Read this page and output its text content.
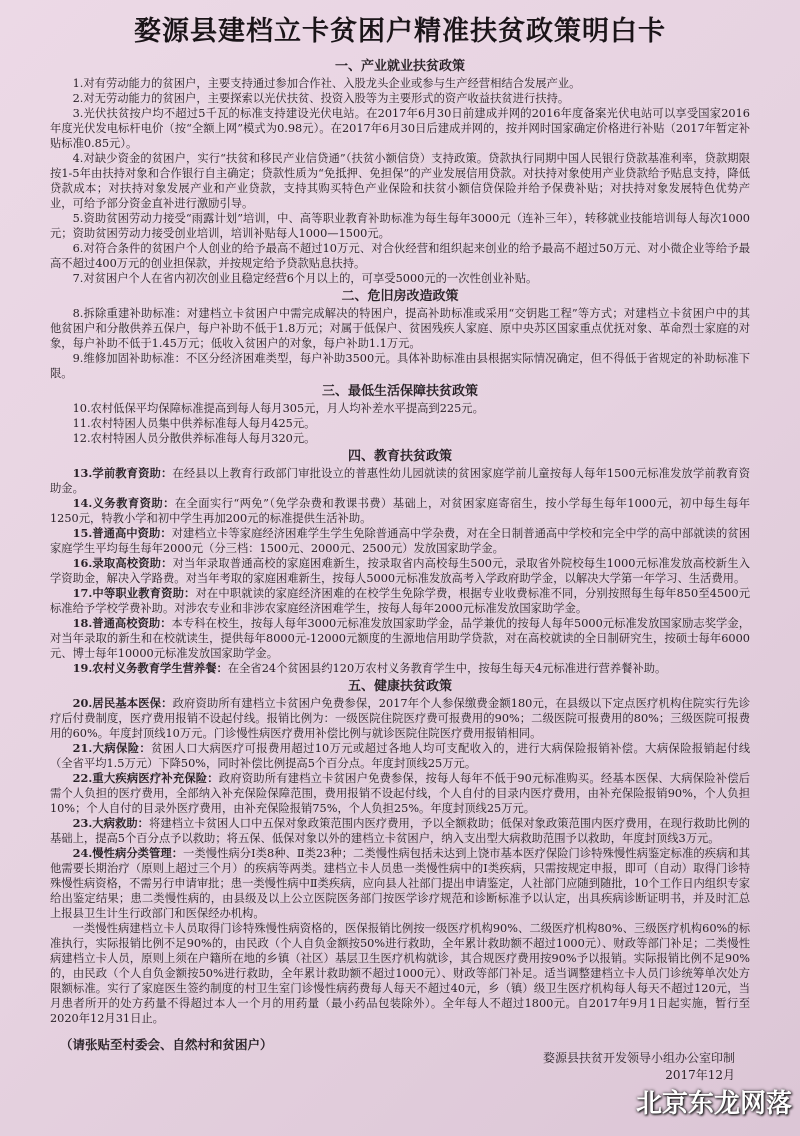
婺源县建档立卡贫困户精准扶贫政策明白卡
一、产业就业扶贫政策

1.对有劳动能力的贫困户，主要支持通过参加合作社、入股龙头企业或参与生产经营相结合发展产业。

2.对无劳动能力的贫困户，主要探索以光伏扶贫、投资入股等为主要形式的资产收益扶贫进行扶持。

3.光伏扶贫按户均不超过5千瓦的标准支持建设光伏电站。在2017年6月30日前建成并网的2016年度备案光伏电站可以享受国家2016年度光伏发电标杆电价（按“全额上网”模式为0.98元）。在2017年6月30日后建成并网的，按并网时国家确定价格进行补贴（2017年暂定补贴标准0.85元）。

4.对缺少资金的贫困户，实行“扶贫和移民产业信贷通”（扶贫小额信贷）支持政策。贷款执行同期中国人民银行贷款基准利率，贷款期限按1-5年由扶持对象和合作银行自主确定；贷款性质为“免抵押、免担保”的产业发展信用贷款。对扶持对象使用产业贷款给予贴息支持，降低贷款成本；对扶持对象发展产业和产业贷款，支持其购买特色产业保险和扶贫小额信贷保险并给予保费补贴；对扶持对象发展特色优势产业，可给予部分资金直补进行激励引导。

5.资助贫困劳动力接受“雨露计划”培训，中、高等职业教育补助标准为每生每年3000元（连补三年），转移就业技能培训每人每次1000元；资助贫困劳动力接受创业培训，培训补贴每人1000—1500元。

6.对符合条件的贫困户个人创业的给予最高不超过10万元、对合伙经营和组织起来创业的给予最高不超过50万元、对小微企业等给予最高不超过400万元的创业担保款，并按规定给予贷款贴息扶持。

7.对贫困户个人在省内初次创业且稳定经营6个月以上的，可享受5000元的一次性创业补贴。

二、危旧房改造政策

8.拆除重建补助标准：对建档立卡贫困户中需完成解决的特困户，提高补助标准或采用“交钥匙工程”等方式；对建档立卡贫困户中的其他贫困户和分散供养五保户，每户补助不低于1.8万元；对属于低保户、贫困残疾人家庭、原中央苏区国家重点优抚对象、革命烈士家庭的对象，每户补助不低于1.45万元；低收入贫困户的对象，每户补助1.1万元。

9.维修加固补助标准：不区分经济困难类型，每户补助3500元。具体补助标准由县根据实际情况确定，但不得低于省规定的补助标准下限。

三、最低生活保障扶贫政策

10.农村低保平均保障标准提高到每人每月305元，月人均补差水平提高到225元。

11.农村特困人员集中供养标准每人每月425元。

12.农村特困人员分散供养标准每人每月320元。

四、教育扶贫政策

13.学前教育资助：在经县以上教育行政部门审批设立的普惠性幼儿园就读的贫困家庭学前儿童按每人每年1500元标准发放学前教育资助金。

14.义务教育资助：在全面实行“两免”（免学杂费和教课书费）基础上，对贫困家庭寄宿生，按小学每生每年1000元，初中每生每年1250元，特教小学和初中学生再加200元的标准提供生活补助。

15.普通高中资助：对建档立卡等家庭经济困难学生学生免除普通高中学杂费，对在全日制普通高中学校和完全中学的高中部就读的贫困家庭学生平均每生每年2000元（分三档：1500元、2000元、2500元）发放国家助学金。

16.录取高校资助：对当年录取普通高校的家庭困难新生，按录取省内高校每生500元，录取省外院校每生1000元标准发放高校新生入学资助金，解决入学路费。对当年考取的家庭困难新生，按每人5000元标准发放高考入学政府助学金，以解决大学第一年学习、生活费用。

17.中等职业教育资助：对在中职就读的家庭经济困难的在校学生免除学费，根据专业收费标准不同，分别按照每生每年850至4500元标准给予学校学费补助。对涉农专业和非涉农家庭经济困难学生，按每人每年2000元标准发放国家助学金。

18.普通高校资助：本专科在校生，按每人每年3000元标准发放国家助学金，品学兼优的按每人每年5000元标准发放国家励志奖学金，对当年录取的新生和在校就读生，提供每年8000元-12000元额度的生源地信用助学贷款，对在高校就读的全日制研究生，按硕士每年6000元、博士每年10000元标准发放国家助学金。

19.农村义务教育学生营养餐：在全省24个贫困县约120万农村义务教育学生中，按每生每天4元标准进行营养餐补助。

五、健康扶贫政策

20.居民基本医保：政府资助所有建档立卡贫困户免费参保，2017年个人参保缴费金额180元，在县级以下定点医疗机构住院实行先诊疗后付费制度，医疗费用报销不设起付线。报销比例为：一级医院住院医疗费可报费用的90%；二级医院可报费用的80%；三级医院可报费用的60%。年度封顶线10万元。门诊慢性病医疗费用补偿比例与就诊医院住院医疗费用报销相同。

21.大病保险：贫困人口大病医疗可报费用超过10万元或超过各地人均可支配收入的，进行大病保险报销补偿。大病保险报销起付线（全省平均1.5万元）下降50%，同时补偿比例提高5个百分点。年度封顶线25万元。

22.重大疾病医疗补充保险：政府资助所有建档立卡贫困户免费参保，按每人每年不低于90元标准购买。经基本医保、大病保险补偿后需个人负担的医疗费用，全部纳入补充保险保障范围，费用报销不设起付线，个人自付的目录内医疗费用，由补充保险报销90%，个人负担10%；个人自付的目录外医疗费用，由补充保险报销75%，个人负担25%。年度封顶线25万元。

23.大病救助：将建档立卡贫困人口中五保对象政策范围内医疗费用，予以全额救助；低保对象政策范围内医疗费用，在现行救助比例的基础上，提高5个百分点予以救助；将五保、低保对象以外的建档立卡贫困户，纳入支出型大病救助范围予以救助，年度封顶线3万元。

24.慢性病分类管理：一类慢性病分Ⅰ类8种、Ⅱ类23种；二类慢性病包括未达到上饶市基本医疗保险门诊特殊慢性病鉴定标准的疾病和其他需要长期治疗（原则上超过三个月）的疾病等两类。建档立卡人员患一类慢性病中的Ⅰ类疾病，只需按规定申报，即可（自动）取得门诊特殊慢性病资格，不需另行申请审批；患一类慢性病中Ⅱ类疾病，应向县人社部门提出申请鉴定，人社部门应随到随批，10个工作日内组织专家给出鉴定结果；患二类慢性病的，由县级及以上公立医院医务部门按医学诊疗规范和诊断标准予以认定，出具疾病诊断证明书，并及时汇总上报县卫生计生行政部门和医保经办机构。

一类慢性病建档立卡人员取得门诊特殊慢性病资格的，医保报销比例按一级医疗机构90%、二级医疗机构80%、三级医疗机构60%的标准执行，实际报销比例不足90%的，由民政（个人自负金额按50%进行救助，全年累计救助额不超过1000元）、财政等部门补足；二类慢性病建档立卡人员，原则上须在户籍所在地的乡镇（社区）基层卫生医疗机构就诊，其合规医疗费用按90%予以报销。实际报销比例不足90%的，由民政（个人自负金额按50%进行救助，全年累计救助额不超过1000元）、财政等部门补足。适当调整建档立卡人员门诊统筹单次处方限额标准。实行了家庭医生签约制度的村卫生室门诊慢性病药费每人每天不超过40元，乡（镇）级卫生医疗机构每人每天不超过120元，当月患者所开的处方药量不得超过本人一个月的用药量（最小药品包装除外）。全年每人不超过1800元。自2017年9月1日起实施，暂行至2020年12月31日止。

（请张贴至村委会、自然村和贫困户）
婺源县扶贫开发领导小组办公室印制
2017年12月
北京东龙网落
